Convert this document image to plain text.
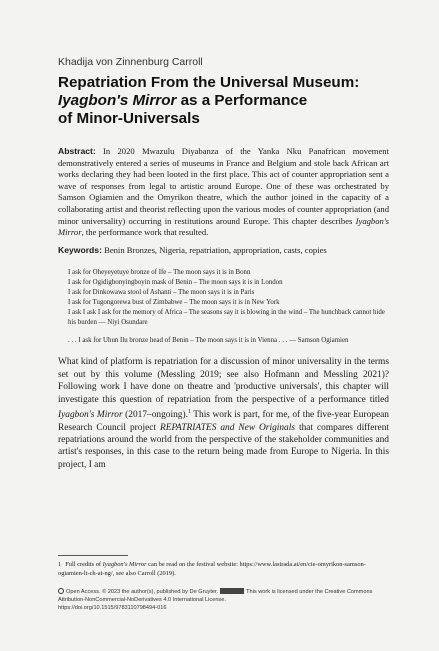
Khadija von Zinnenburg Carroll
Repatriation From the Universal Museum:
Iyagbon's Mirror as a Performance
of Minor-Universals

Abstract: In 2020 Mwazulu Diyabanza of the Yanka Nku Panafrican movement demonstratively entered a series of museums in France and Belgium and stole back African art works declaring they had been looted in the first place. This act of counter appropriation sent a wave of responses from legal to artistic around Europe. One of these was orchestrated by Samson Ogiamien and the Omyrikon theatre, which the author joined in the capacity of a collaborating artist and theorist reflecting upon the various modes of counter appropriation (and minor universality) occurring in restitutions around Europe. This chapter describes Iyagbon's Mirror, the performance work that resulted.

Keywords: Benin Bronzes, Nigeria, repatriation, appropriation, casts, copies

I ask for Oheyeyetuye bronze of Ife – The moon says it is in Bonn
I ask for Ogidigbonyingboyin mask of Benin – The moon says it is in London
I ask for Dinkowawa stool of Ashanti – The moon says it is in Paris
I ask for Tugongorewa bust of Zimbabwe – The moon says it is in New York
I ask I ask I ask for the memory of Africa – The seasons say it is blowing in the wind – The hunchback cannot hide his burden — Niyi Osundare
. . . I ask for Uhun Ilu bronze head of Benin – The moon says it is in Vienna . . . — Samson Ogiamien

What kind of platform is repatriation for a discussion of minor universality in the terms set out by this volume (Messling 2019; see also Hofmann and Messling 2021)? Following work I have done on theatre and 'productive universals', this chapter will investigate this question of repatriation from the perspective of a performance titled Iyagbon's Mirror (2017–ongoing).$^1$ This work is part, for me, of the five-year European Research Council project REPATRIATES and New Originals that compares different repatriations around the world from the perspective of the stakeholder communities and artist's responses, in this case to the return being made from Europe to Nigeria. In this project, I am

1 Full credits of Iyagbon's Mirror can be read on the festival website: https://www.lastrada.at/en/cie-omyrikon-samson-ogiamien-lt-ch-at-ng/, see also Carroll (2019).
Open Access. © 2023 the author(s), published by De Gruyter.	This work is licensed under the Creative Commons Attribution-NonCommercial-NoDerivatives 4.0 International License.
https://doi.org/10.1515/9783110798494-016
